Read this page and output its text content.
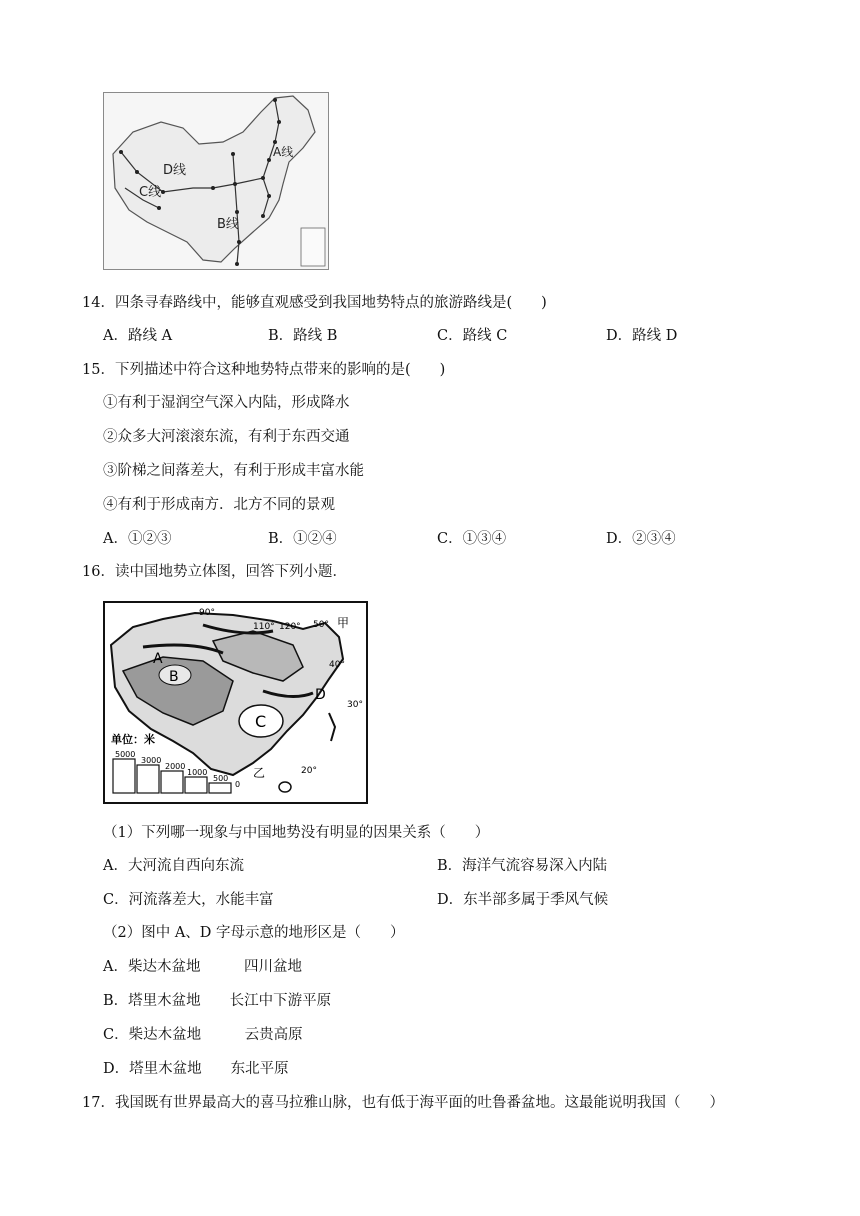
D线
C线
B线
A线
14．四条寻春路线中，能够直观感受到我国地势特点的旅游路线是(　　)
A．路线 A	B．路线 B	C．路线 C	D．路线 D
15．下列描述中符合这种地势特点带来的影响的是(　　)
①有利于湿润空气深入内陆，形成降水
②众多大河滚滚东流，有利于东西交通
③阶梯之间落差大，有利于形成丰富水能
④有利于形成南方．北方不同的景观
A．①②③	B．①②④	C．①③④	D．②③④
16．读中国地势立体图，回答下列小题．
90°
110° 120° 50°
40°
30°
20°
A
B
C
D
甲
乙
单位：米
5000
3000
2000
1000
500
0
（1）下列哪一现象与中国地势没有明显的因果关系（　　）
A．大河流自西向东流	B．海洋气流容易深入内陆
C．河流落差大，水能丰富	D．东半部多属于季风气候
（2）图中 A、D 字母示意的地形区是（　　）
A．柴达木盆地　　　四川盆地
B．塔里木盆地　　长江中下游平原
C．柴达木盆地　　　云贵高原
D．塔里木盆地　　东北平原
17．我国既有世界最高大的喜马拉雅山脉，也有低于海平面的吐鲁番盆地。这最能说明我国（　　）
